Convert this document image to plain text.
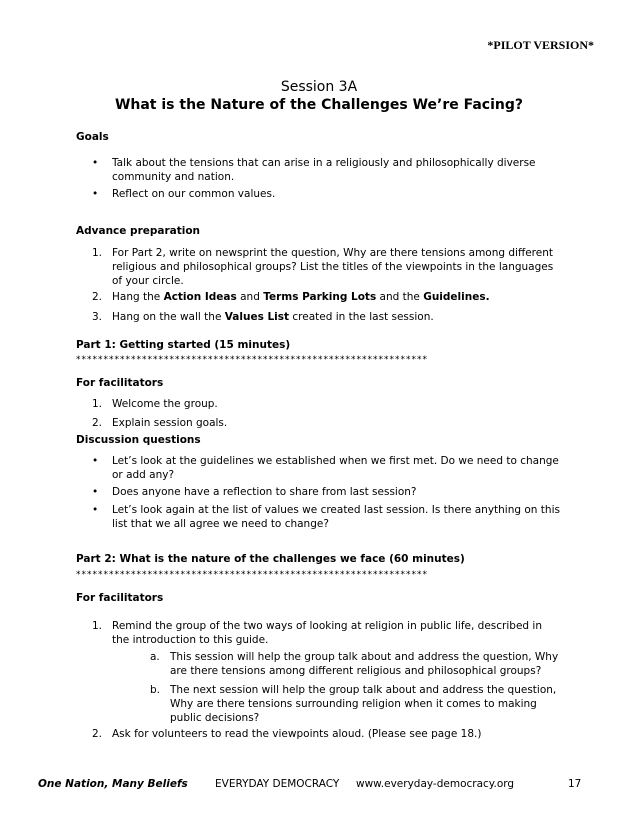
*PILOT VERSION*
Session 3A
What is the Nature of the Challenges We’re Facing?
Goals
• Talk about the tensions that can arise in a religiously and philosophically diverse community and nation.
• Reflect on our common values.
Advance preparation
1. For Part 2, write on newsprint the question, Why are there tensions among different religious and philosophical groups? List the titles of the viewpoints in the languages of your circle.
2. Hang the Action Ideas and Terms Parking Lots and the Guidelines.
3. Hang on the wall the Values List created in the last session.
Part 1: Getting started (15 minutes)
****************************************************************
For facilitators
1. Welcome the group.
2. Explain session goals.
Discussion questions
• Let’s look at the guidelines we established when we first met. Do we need to change or add any?
• Does anyone have a reflection to share from last session?
• Let’s look again at the list of values we created last session. Is there anything on this list that we all agree we need to change?
Part 2: What is the nature of the challenges we face (60 minutes)
****************************************************************
For facilitators
1. Remind the group of the two ways of looking at religion in public life, described in the introduction to this guide.
a. This session will help the group talk about and address the question, Why are there tensions among different religious and philosophical groups?
b. The next session will help the group talk about and address the question, Why are there tensions surrounding religion when it comes to making public decisions?
2. Ask for volunteers to read the viewpoints aloud. (Please see page 18.)
One Nation, Many Beliefs	EVERYDAY DEMOCRACY www.everyday-democracy.org	17
